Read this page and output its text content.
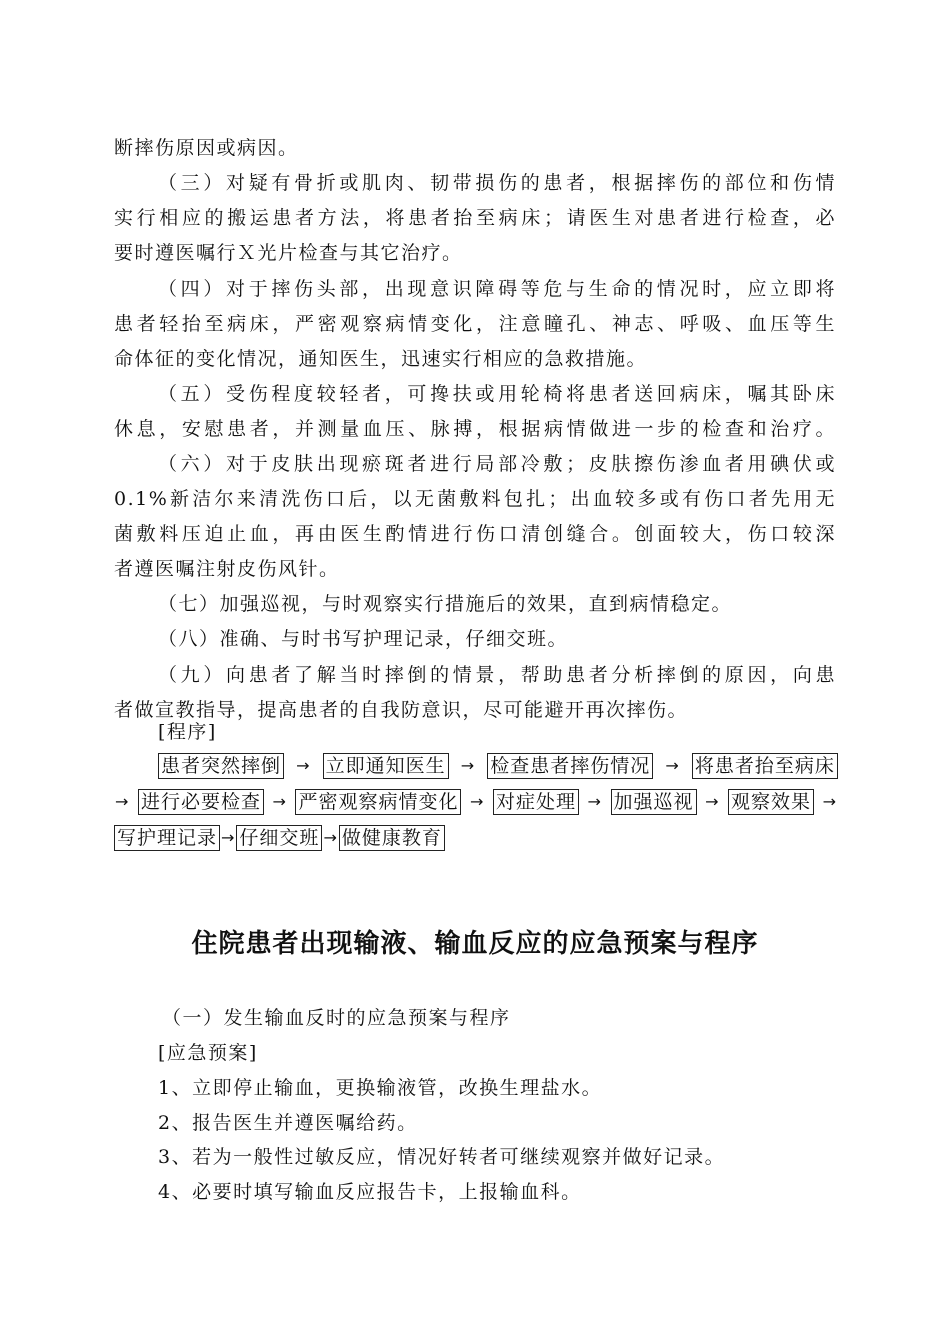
断摔伤原因或病因。
（三）对疑有骨折或肌肉、韧带损伤的患者，根据摔伤的部位和伤情
实行相应的搬运患者方法，将患者抬至病床；请医生对患者进行检查，必
要时遵医嘱行Ｘ光片检查与其它治疗。
（四）对于摔伤头部，出现意识障碍等危与生命的情况时，应立即将
患者轻抬至病床，严密观察病情变化，注意瞳孔、神志、呼吸、血压等生
命体征的变化情况，通知医生，迅速实行相应的急救措施。
（五）受伤程度较轻者，可搀扶或用轮椅将患者送回病床，嘱其卧床
休息，安慰患者，并测量血压、脉搏，根据病情做进一步的检查和治疗。
（六）对于皮肤出现瘀斑者进行局部冷敷；皮肤擦伤渗血者用碘伏或
0.1%新洁尔来清洗伤口后，以无菌敷料包扎；出血较多或有伤口者先用无
菌敷料压迫止血，再由医生酌情进行伤口清创缝合。创面较大，伤口较深
者遵医嘱注射皮伤风针。
（七）加强巡视，与时观察实行措施后的效果，直到病情稳定。
（八）准确、与时书写护理记录，仔细交班。
（九）向患者了解当时摔倒的情景，帮助患者分析摔倒的原因，向患
者做宣教指导，提高患者的自我防意识，尽可能避开再次摔伤。
[程序]
患者突然摔倒 → 立即通知医生 → 检查患者摔伤情况 → 将患者抬至病床
→ 进行必要检查 → 严密观察病情变化 → 对症处理 → 加强巡视 → 观察效果 →
写护理记录 → 仔细交班 → 做健康教育
住院患者出现输液、输血反应的应急预案与程序
（一）发生输血反时的应急预案与程序
[应急预案]
1、立即停止输血，更换输液管，改换生理盐水。
2、报告医生并遵医嘱给药。
3、若为一般性过敏反应，情况好转者可继续观察并做好记录。
4、必要时填写输血反应报告卡，上报输血科。
